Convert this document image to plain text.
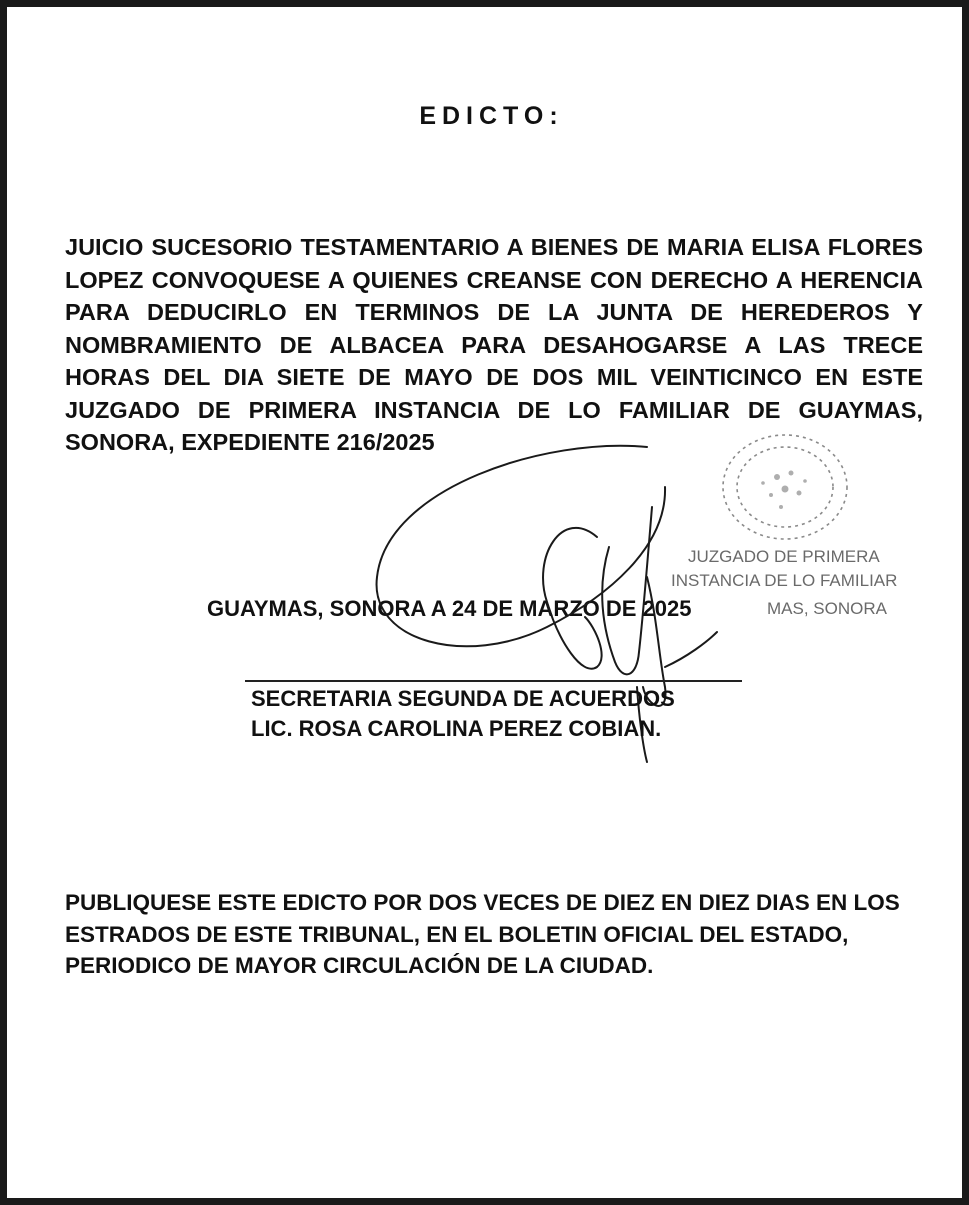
EDICTO:

JUICIO SUCESORIO TESTAMENTARIO A BIENES DE MARIA ELISA FLORES LOPEZ CONVOQUESE A QUIENES CREANSE CON DERECHO A HERENCIA PARA DEDUCIRLO EN TERMINOS DE LA JUNTA DE HEREDEROS Y NOMBRAMIENTO DE ALBACEA PARA DESAHOGARSE A LAS TRECE HORAS DEL DIA SIETE DE MAYO DE DOS MIL VEINTICINCO EN ESTE JUZGADO DE PRIMERA INSTANCIA DE LO FAMILIAR DE GUAYMAS, SONORA, EXPEDIENTE 216/2025

JUZGADO DE PRIMERA
INSTANCIA DE LO FAMILIAR
MAS, SONORA
GUAYMAS, SONORA A 24 DE MARZO DE 2025
SECRETARIA SEGUNDA DE ACUERDOS
LIC. ROSA CAROLINA PEREZ COBIAN.

PUBLIQUESE ESTE EDICTO POR DOS VECES DE DIEZ EN DIEZ DIAS EN LOS ESTRADOS DE ESTE TRIBUNAL, EN EL BOLETIN OFICIAL DEL ESTADO, PERIODICO DE MAYOR CIRCULACIÓN DE LA CIUDAD.
